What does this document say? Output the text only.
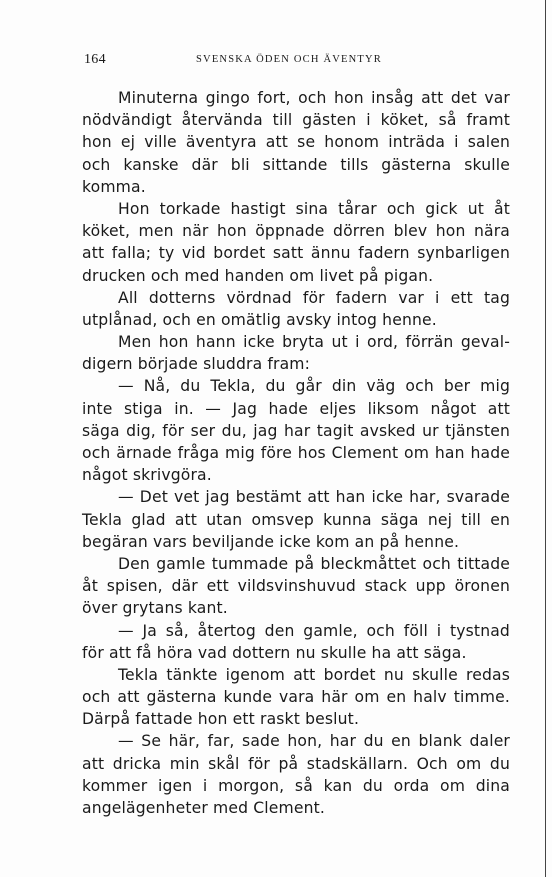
164	SVENSKA ÖDEN OCH ÄVENTYR
Minuterna gingo fort, och hon insåg att det var
nödvändigt återvända till gästen i köket, så framt
hon ej ville äventyra att se honom inträda i salen
och kanske där bli sittande tills gästerna skulle
komma.
Hon torkade hastigt sina tårar och gick ut åt
köket, men när hon öppnade dörren blev hon nära
att falla; ty vid bordet satt ännu fadern synbarligen
drucken och med handen om livet på pigan.
All dotterns vördnad för fadern var i ett tag
utplånad, och en omätlig avsky intog henne.
Men hon hann icke bryta ut i ord, förrän geval-
digern började sluddra fram:
— Nå, du Tekla, du går din väg och ber mig
inte stiga in. — Jag hade eljes liksom något att
säga dig, för ser du, jag har tagit avsked ur tjänsten
och ärnade fråga mig före hos Clement om han hade
något skrivgöra.
— Det vet jag bestämt att han icke har, svarade
Tekla glad att utan omsvep kunna säga nej till en
begäran vars beviljande icke kom an på henne.
Den gamle tummade på bleckmåttet och tittade
åt spisen, där ett vildsvinshuvud stack upp öronen
över grytans kant.
— Ja så, återtog den gamle, och föll i tystnad
för att få höra vad dottern nu skulle ha att säga.
Tekla tänkte igenom att bordet nu skulle redas
och att gästerna kunde vara här om en halv timme.
Därpå fattade hon ett raskt beslut.
— Se här, far, sade hon, har du en blank daler
att dricka min skål för på stadskällarn. Och om du
kommer igen i morgon, så kan du orda om dina
angelägenheter med Clement.
